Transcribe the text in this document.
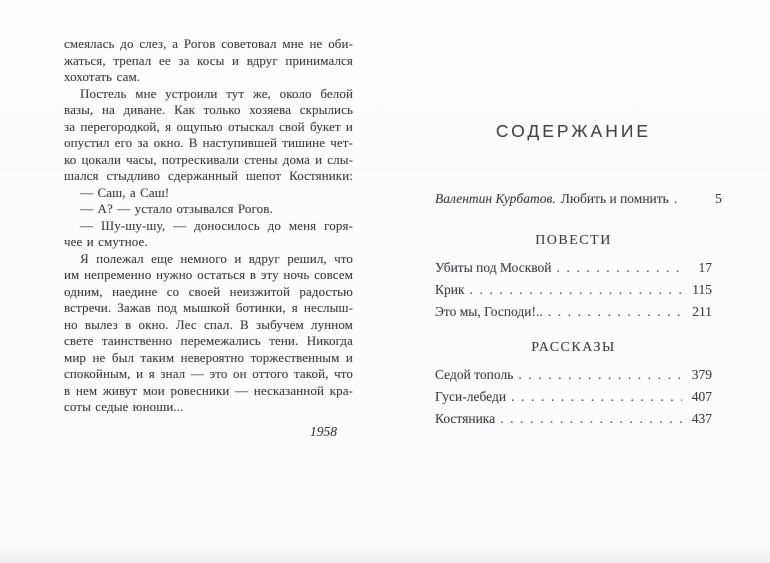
смеялась до слез, а Рогов советовал мне не оби-
жаться, трепал ее за косы и вдруг принимался
хохотать сам.
Постель мне устроили тут же, около белой
вазы, на диване. Как только хозяева скрылись
за перегородкой, я ощупью отыскал свой букет и
опустил его за окно. В наступившей тишине чет-
ко цокали часы, потрескивали стены дома и слы-
шался стыдливо сдержанный шепот Костяники:
— Саш, а Саш!
— А? — устало отзывался Рогов.
— Шу-шу-шу, — доносилось до меня горя-
чее и смутное.
Я полежал еще немного и вдруг решил, что
им непременно нужно остаться в эту ночь совсем
одним, наедине со своей неизжитой радостью
встречи. Зажав под мышкой ботинки, я неслыш-
но вылез в окно. Лес спал. В зыбучем лунном
свете таинственно перемежались тени. Никогда
мир не был таким невероятно торжественным и
спокойным, и я знал — это он оттого такой, что
в нем живут мои ровесники — несказанной кра-
соты седые юноши...
1958
СОДЕРЖАНИЕ
Валентин Курбатов. Любить и помнить . . .	5
ПОВЕСТИ
Убиты под Москвой . . .	17
Крик . . .	115
Это мы, Господи!.. . . .	211
РАССКАЗЫ
Седой тополь . . .	379
Гуси-лебеди . . .	407
Костяника . . .	437
